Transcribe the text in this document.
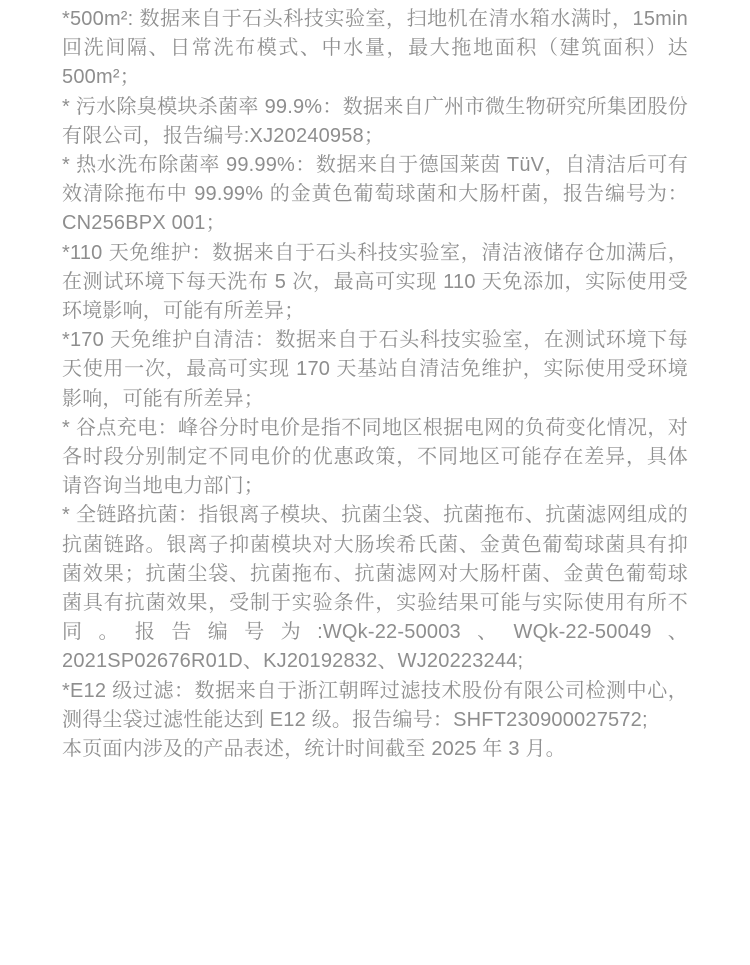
*500m²: 数据来自于石头科技实验室，扫地机在清水箱水满时，15min 回洗间隔、日常洗布模式、中水量，最大拖地面积（建筑面积）达 500m²；

* 污水除臭模块杀菌率 99.9%：数据来自广州市微生物研究所集团股份有限公司，报告编号:XJ20240958；

* 热水洗布除菌率 99.99%：数据来自于德国莱茵 TüV，自清洁后可有效清除拖布中 99.99% 的金黄色葡萄球菌和大肠杆菌，报告编号为：CN256BPX 001；

*110 天免维护：数据来自于石头科技实验室，清洁液储存仓加满后，在测试环境下每天洗布 5 次，最高可实现 110 天免添加，实际使用受环境影响，可能有所差异；

*170 天免维护自清洁：数据来自于石头科技实验室，在测试环境下每天使用一次，最高可实现 170 天基站自清洁免维护，实际使用受环境影响，可能有所差异；

* 谷点充电：峰谷分时电价是指不同地区根据电网的负荷变化情况，对各时段分别制定不同电价的优惠政策，不同地区可能存在差异，具体请咨询当地电力部门；

* 全链路抗菌：指银离子模块、抗菌尘袋、抗菌拖布、抗菌滤网组成的抗菌链路。银离子抑菌模块对大肠埃希氏菌、金黄色葡萄球菌具有抑菌效果；抗菌尘袋、抗菌拖布、抗菌滤网对大肠杆菌、金黄色葡萄球菌具有抗菌效果，受制于实验条件，实验结果可能与实际使用有所不同。报告编号为:WQk-22-50003、WQk-22-50049、2021SP02676R01D、KJ20192832、WJ20223244;

*E12 级过滤：数据来自于浙江朝晖过滤技术股份有限公司检测中心，测得尘袋过滤性能达到 E12 级。报告编号：SHFT230900027572;

本页面内涉及的产品表述，统计时间截至 2025 年 3 月。
